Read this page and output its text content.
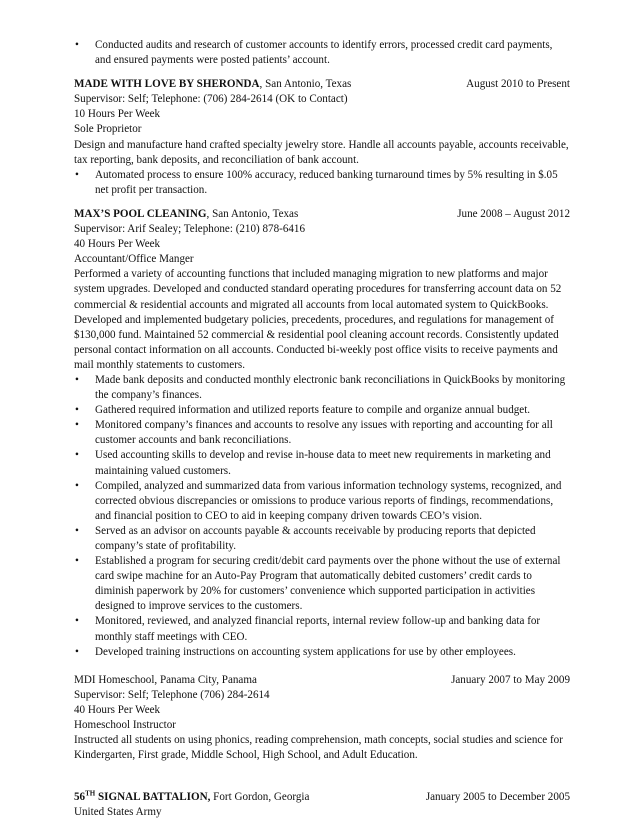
•	Conducted audits and research of customer accounts to identify errors, processed credit card payments, and ensured payments were posted patients’ account.
MADE WITH LOVE BY SHERONDA, San Antonio, Texas	August 2010 to Present

Supervisor: Self; Telephone: (706) 284-2614 (OK to Contact)

10 Hours Per Week

Sole Proprietor

Design and manufacture hand crafted specialty jewelry store. Handle all accounts payable, accounts receivable, tax reporting, bank deposits, and reconciliation of bank account.

•	Automated process to ensure 100% accuracy, reduced banking turnaround times by 5% resulting in $.05 net profit per transaction.
MAX’S POOL CLEANING, San Antonio, Texas	June 2008 – August 2012

Supervisor: Arif Sealey; Telephone: (210) 878-6416

40 Hours Per Week

Accountant/Office Manger

Performed a variety of accounting functions that included managing migration to new platforms and major system upgrades. Developed and conducted standard operating procedures for transferring account data on 52 commercial & residential accounts and migrated all accounts from local automated system to QuickBooks. Developed and implemented budgetary policies, precedents, procedures, and regulations for management of $130,000 fund. Maintained 52 commercial & residential pool cleaning account records. Consistently updated personal contact information on all accounts. Conducted bi-weekly post office visits to receive payments and mail monthly statements to customers.

•	Made bank deposits and conducted monthly electronic bank reconciliations in QuickBooks by monitoring the company’s finances.
•	Gathered required information and utilized reports feature to compile and organize annual budget.
•	Monitored company’s finances and accounts to resolve any issues with reporting and accounting for all customer accounts and bank reconciliations.
•	Used accounting skills to develop and revise in-house data to meet new requirements in marketing and maintaining valued customers.
•	Compiled, analyzed and summarized data from various information technology systems, recognized, and corrected obvious discrepancies or omissions to produce various reports of findings, recommendations, and financial position to CEO to aid in keeping company driven towards CEO’s vision.
•	Served as an advisor on accounts payable & accounts receivable by producing reports that depicted company’s state of profitability.
•	Established a program for securing credit/debit card payments over the phone without the use of external card swipe machine for an Auto-Pay Program that automatically debited customers’ credit cards to diminish paperwork by 20% for customers’ convenience which supported participation in activities designed to improve services to the customers.
•	Monitored, reviewed, and analyzed financial reports, internal review follow-up and banking data for monthly staff meetings with CEO.
•	Developed training instructions on accounting system applications for use by other employees.
MDI Homeschool, Panama City, Panama	January 2007 to May 2009

Supervisor: Self; Telephone (706) 284-2614

40 Hours Per Week

Homeschool Instructor

Instructed all students on using phonics, reading comprehension, math concepts, social studies and science for Kindergarten, First grade, Middle School, High School, and Adult Education.

56TH SIGNAL BATTALION, Fort Gordon, Georgia	January 2005 to December 2005

United States Army
